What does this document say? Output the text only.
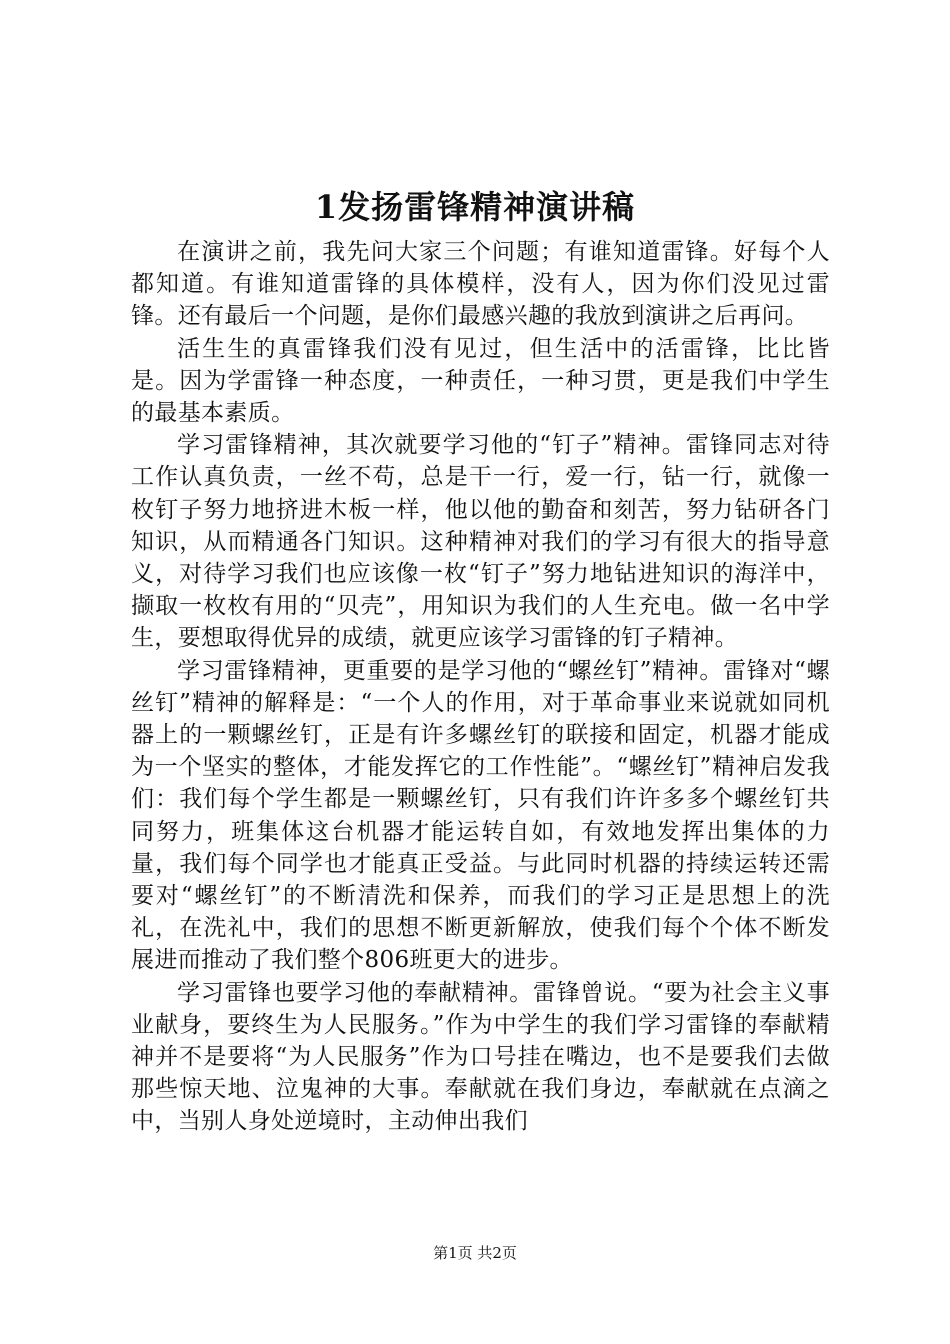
1发扬雷锋精神演讲稿

在演讲之前，我先问大家三个问题；有谁知道雷锋。好每个人都知道。有谁知道雷锋的具体模样，没有人，因为你们没见过雷锋。还有最后一个问题，是你们最感兴趣的我放到演讲之后再问。

活生生的真雷锋我们没有见过，但生活中的活雷锋，比比皆是。因为学雷锋一种态度，一种责任，一种习贯，更是我们中学生的最基本素质。

学习雷锋精神，其次就要学习他的“钉子”精神。雷锋同志对待工作认真负责，一丝不苟，总是干一行，爱一行，钻一行，就像一枚钉子努力地挤进木板一样，他以他的勤奋和刻苦，努力钻研各门知识，从而精通各门知识。这种精神对我们的学习有很大的指导意义，对待学习我们也应该像一枚“钉子”努力地钻进知识的海洋中，撷取一枚枚有用的“贝壳”，用知识为我们的人生充电。做一名中学生，要想取得优异的成绩，就更应该学习雷锋的钉子精神。

学习雷锋精神，更重要的是学习他的“螺丝钉”精神。雷锋对“螺丝钉”精神的解释是：“一个人的作用，对于革命事业来说就如同机器上的一颗螺丝钉，正是有许多螺丝钉的联接和固定，机器才能成为一个坚实的整体，才能发挥它的工作性能”。“螺丝钉”精神启发我们：我们每个学生都是一颗螺丝钉，只有我们许许多多个螺丝钉共同努力，班集体这台机器才能运转自如，有效地发挥出集体的力量，我们每个同学也才能真正受益。与此同时机器的持续运转还需要对“螺丝钉”的不断清洗和保养，而我们的学习正是思想上的洗礼，在洗礼中，我们的思想不断更新解放，使我们每个个体不断发展进而推动了我们整个806班更大的进步。

学习雷锋也要学习他的奉献精神。雷锋曾说。“要为社会主义事业献身，要终生为人民服务。”作为中学生的我们学习雷锋的奉献精神并不是要将“为人民服务”作为口号挂在嘴边，也不是要我们去做那些惊天地、泣鬼神的大事。奉献就在我们身边，奉献就在点滴之中，当别人身处逆境时，主动伸出我们

第1页 共2页
